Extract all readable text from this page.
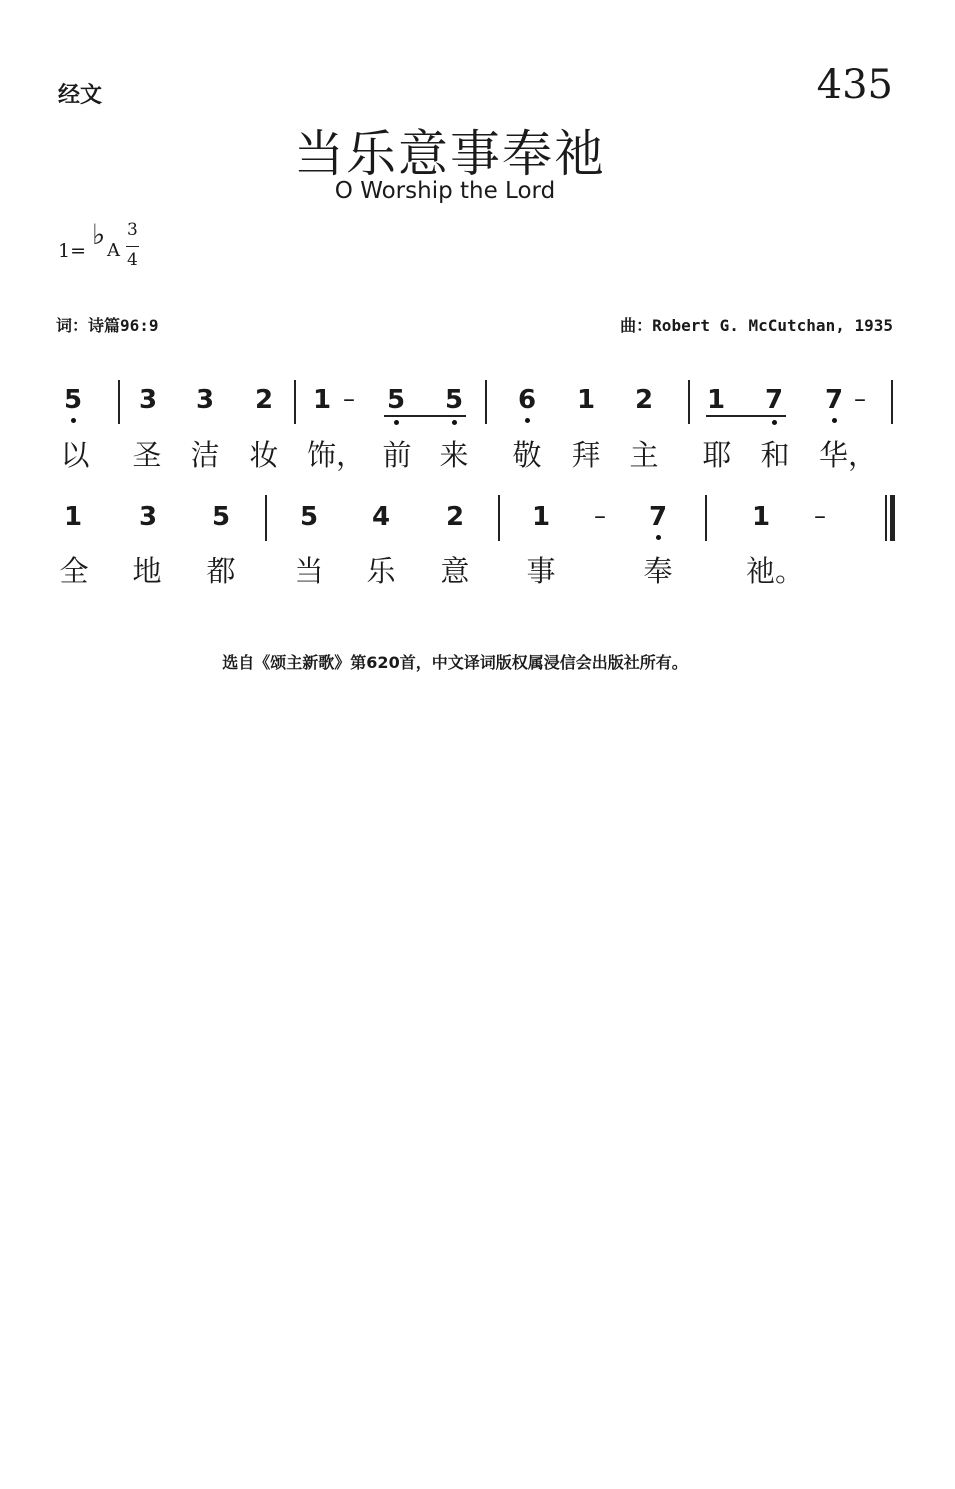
经文	435
当乐意事奉祂
O Worship the Lord
1= ♭ A
3
4
词：诗篇96:9	曲：Robert G. McCutchan, 1935
5 3 3 2 1 – 5 5 6 1 2 1 7 7 –
以 圣 洁 妆 饰， 前 来 敬 拜 主 耶 和 华，
1 3 5	5 4 2	1 – 7	1 –
全 地 都 当 乐 意 事	奉	祂。
选自《颂主新歌》第620首，中文译词版权属浸信会出版社所有。
